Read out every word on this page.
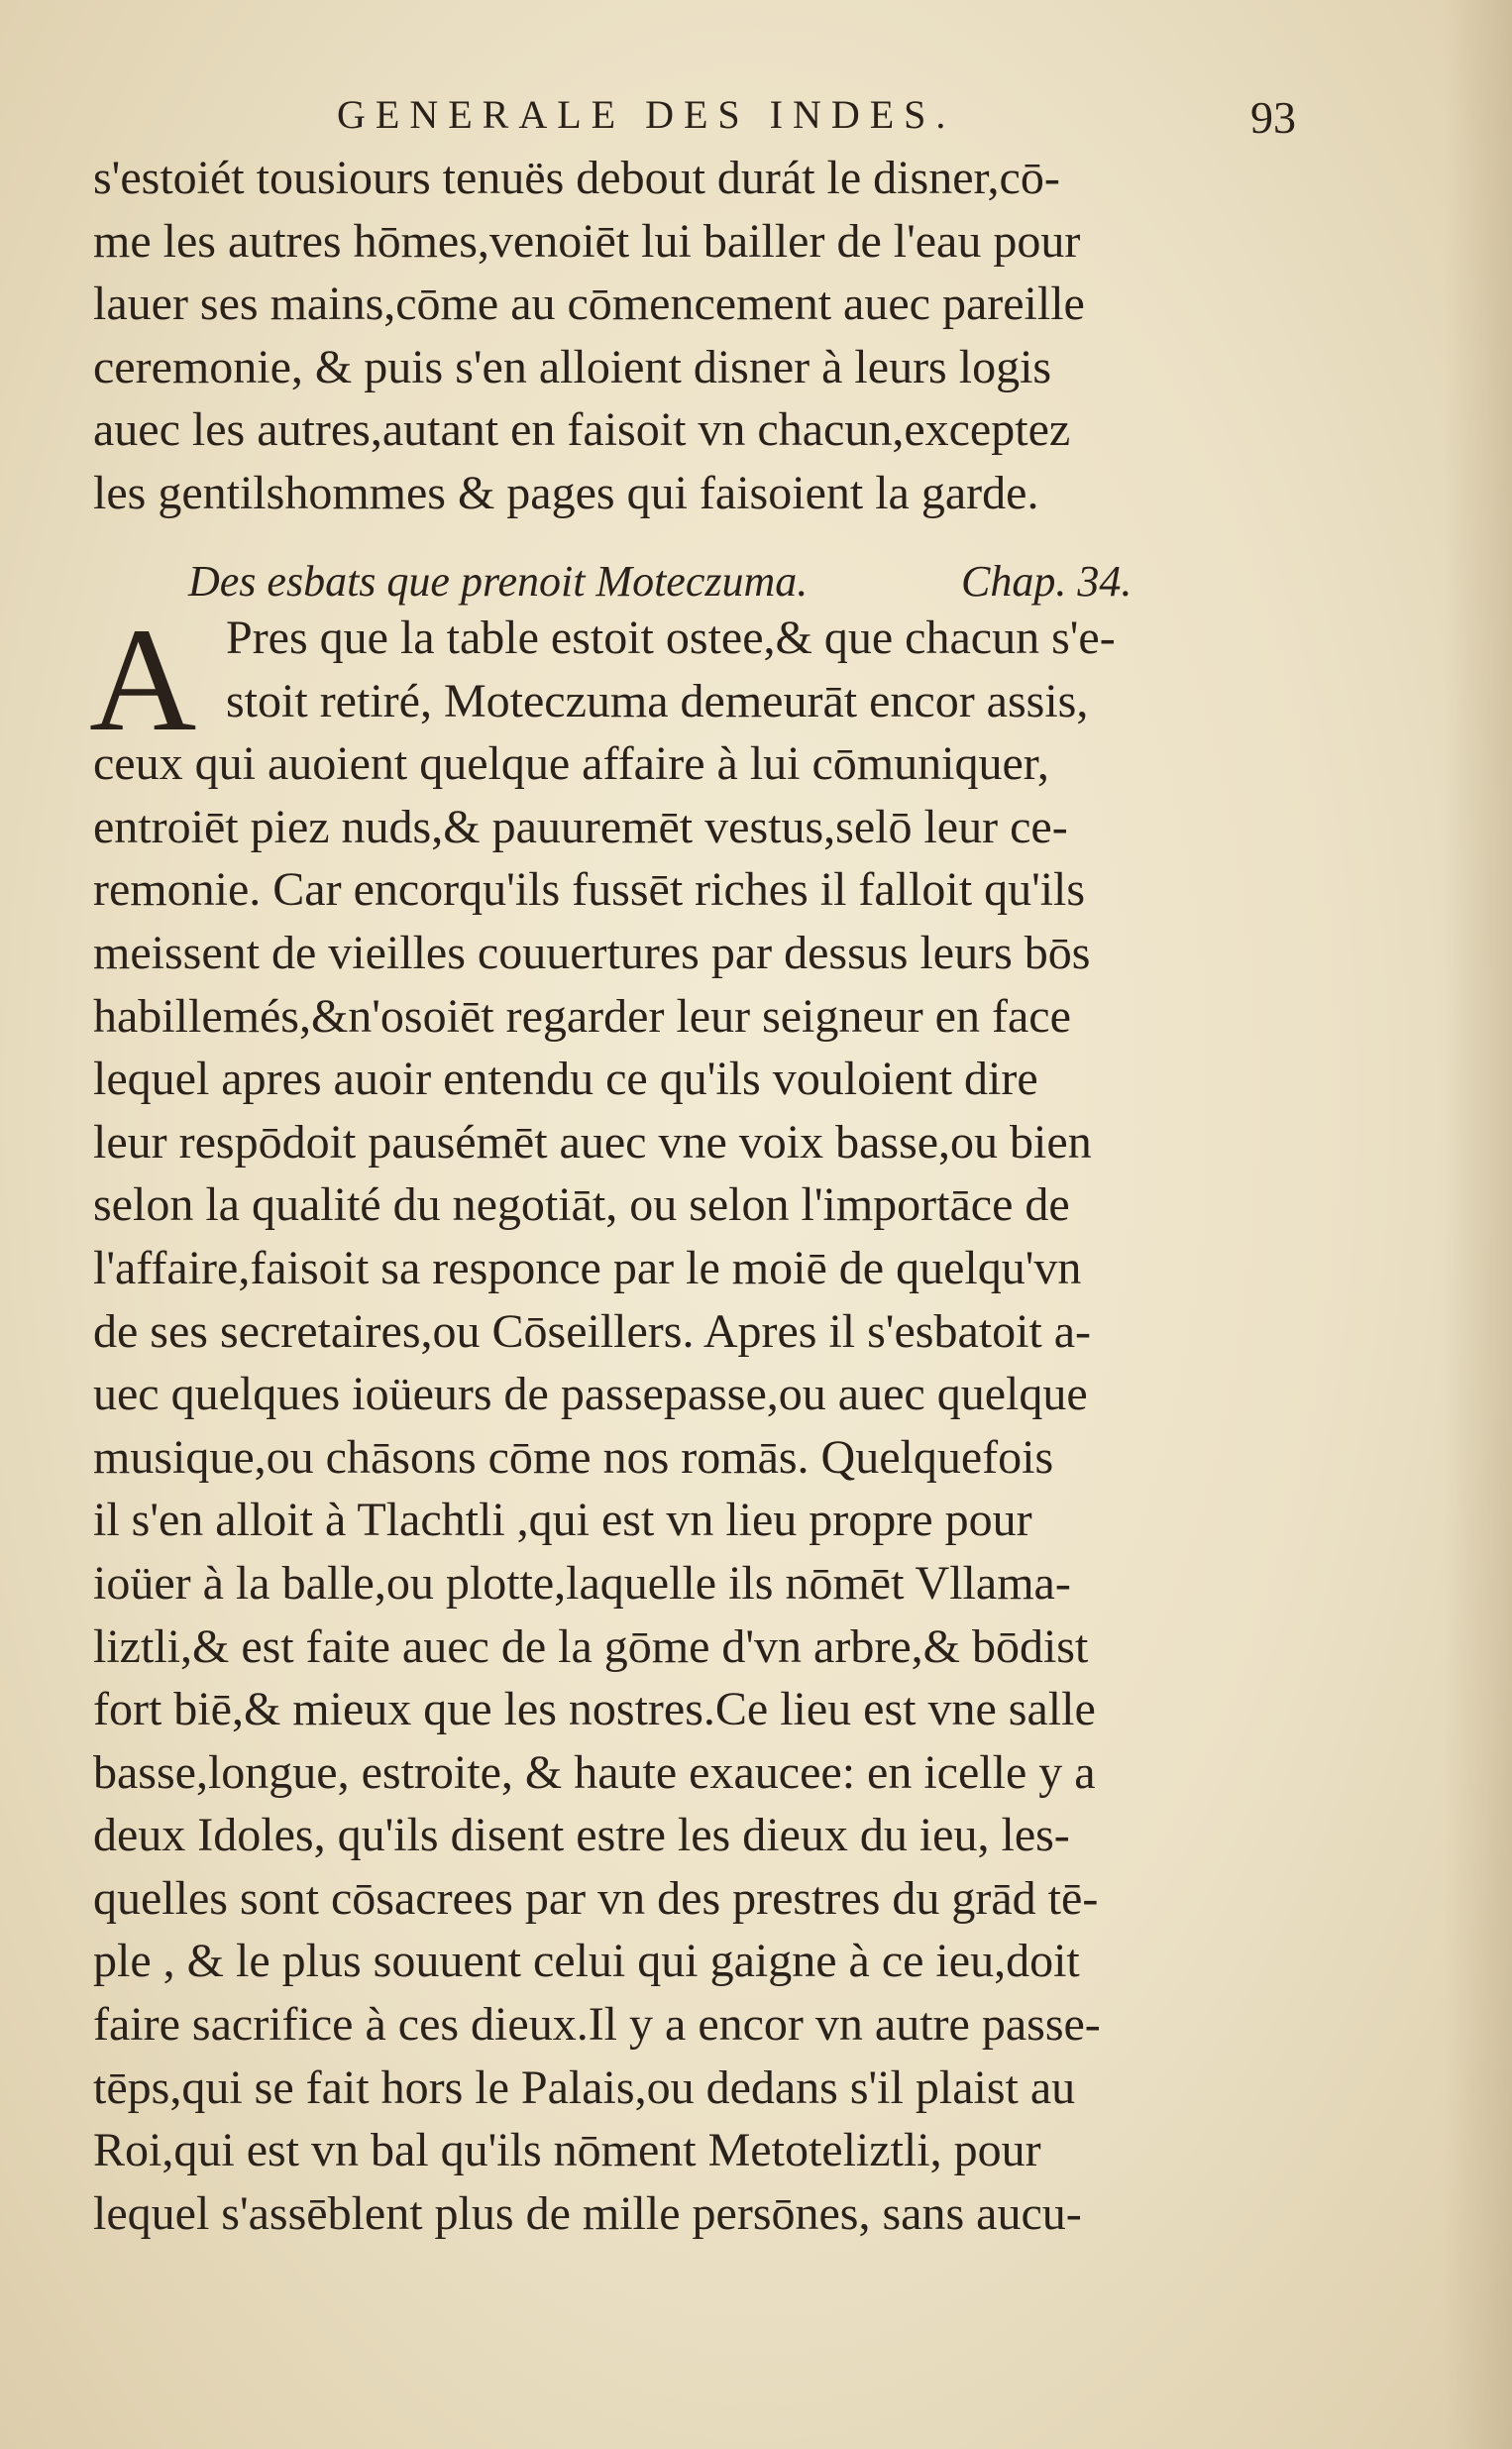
GENERALE DES INDES.	93
s'estoiét tousiours tenuës debout durát le disner,cō-
me les autres hōmes,venoiēt lui bailler de l'eau pour
lauer ses mains,cōme au cōmencement auec pareille
ceremonie, & puis s'en alloient disner à leurs logis
auec les autres,autant en faisoit vn chacun,exceptez
les gentilshommes & pages qui faisoient la garde.
Des esbats que prenoit Moteczuma.	Chap. 34.
A Pres que la table estoit ostee,& que chacun s'e-
stoit retiré, Moteczuma demeurāt encor assis,
ceux qui auoient quelque affaire à lui cōmuniquer,
entroiēt piez nuds,& pauuremēt vestus,selō leur ce-
remonie. Car encorqu'ils fussēt riches il falloit qu'ils
meissent de vieilles couuertures par dessus leurs bōs
habillemés,&n'osoiēt regarder leur seigneur en face
lequel apres auoir entendu ce qu'ils vouloient dire
leur respōdoit pausémēt auec vne voix basse,ou bien
selon la qualité du negotiāt, ou selon l'importāce de
l'affaire,faisoit sa responce par le moiē de quelqu'vn
de ses secretaires,ou Cōseillers. Apres il s'esbatoit a-
uec quelques ioüeurs de passepasse,ou auec quelque
musique,ou chāsons cōme nos romās. Quelquefois
il s'en alloit à Tlachtli ,qui est vn lieu propre pour
ioüer à la balle,ou plotte,laquelle ils nōmēt Vllama-
liztli,& est faite auec de la gōme d'vn arbre,& bōdist
fort biē,& mieux que les nostres.Ce lieu est vne salle
basse,longue, estroite, & haute exaucee: en icelle y a
deux Idoles, qu'ils disent estre les dieux du ieu, les-
quelles sont cōsacrees par vn des prestres du grād tē-
ple , & le plus souuent celui qui gaigne à ce ieu,doit
faire sacrifice à ces dieux.Il y a encor vn autre passe-
tēps,qui se fait hors le Palais,ou dedans s'il plaist au
Roi,qui est vn bal qu'ils nōment Metoteliztli, pour
lequel s'assēblent plus de mille persōnes, sans aucu-
